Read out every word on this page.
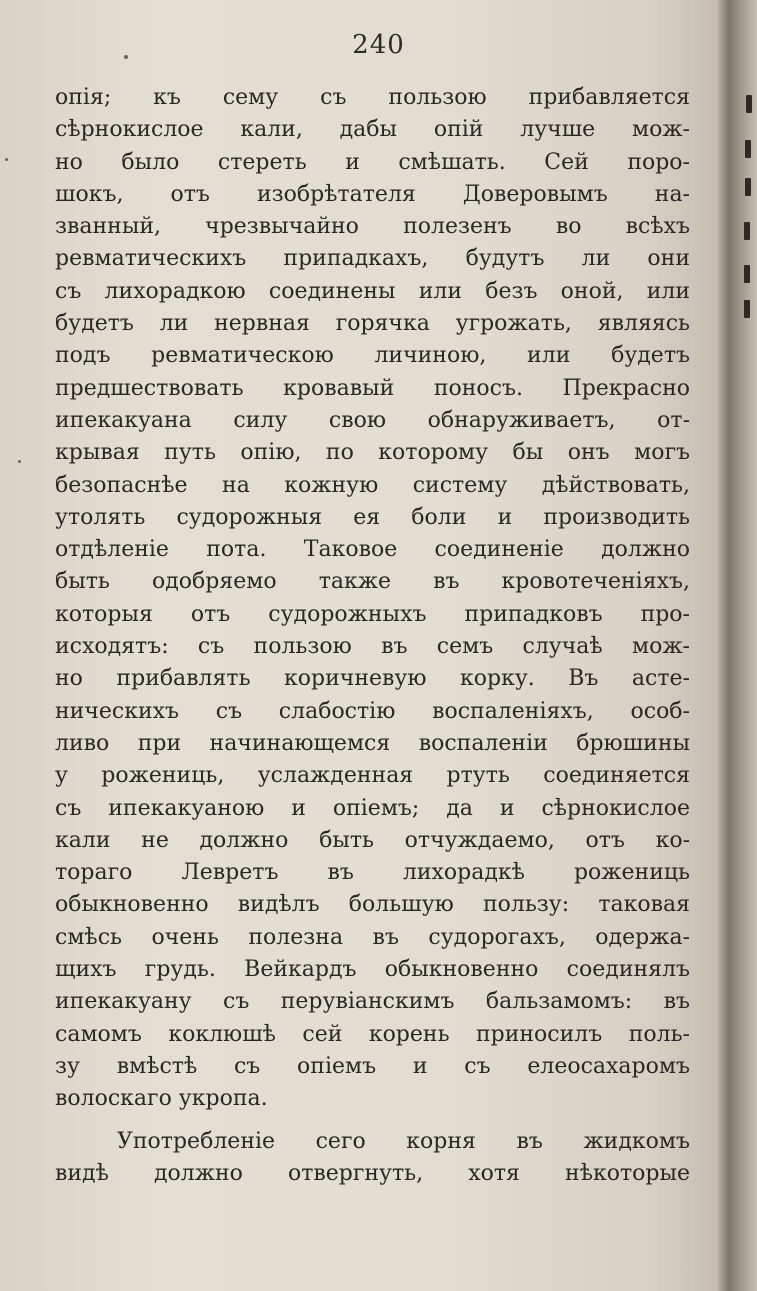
240
опія; къ сему съ пользою прибавляется
сѣрнокислое кали, дабы опій лучше мож-
но было стереть и смѣшать. Сей поро-
шокъ, отъ изобрѣтателя Доверовымъ на-
званный, чрезвычайно полезенъ во всѣхъ
ревматическихъ припадкахъ, будутъ ли они
съ лихорадкою соединены или безъ оной, или
будетъ ли нервная горячка угрожать, являясь
подъ ревматическою личиною, или будетъ
предшествовать кровавый поносъ. Прекрасно
ипекакуана силу свою обнаруживаетъ, от-
крывая путь опію, по которому бы онъ могъ
безопаснѣе на кожную систему дѣйствовать,
утолять судорожныя ея боли и производить
отдѣленіе пота. Таковое соединеніе должно
быть одобряемо также въ кровотеченіяхъ,
которыя отъ судорожныхъ припадковъ про-
исходятъ: съ пользою въ семъ случаѣ мож-
но прибавлять коричневую корку. Въ асте-
ническихъ съ слабостію воспаленіяхъ, особ-
ливо при начинающемся воспаленіи брюшины
у рожениць, услажденная ртуть соединяется
съ ипекакуаною и опіемъ; да и сѣрнокислое
кали не должно быть отчуждаемо, отъ ко-
тораго Левретъ въ лихорадкѣ рожениць
обыкновенно видѣлъ большую пользу: таковая
смѣсь очень полезна въ судорогахъ, одержа-
щихъ грудь. Вейкардъ обыкновенно соединялъ
ипекакуану съ перувіанскимъ бальзамомъ: въ
самомъ коклюшѣ сей корень приносилъ поль-
зу вмѣстѣ съ опіемъ и съ елеосахаромъ
волоскаго укропа.
Употребленіе сего корня въ жидкомъ
видѣ должно отвергнуть, хотя нѣкоторые
